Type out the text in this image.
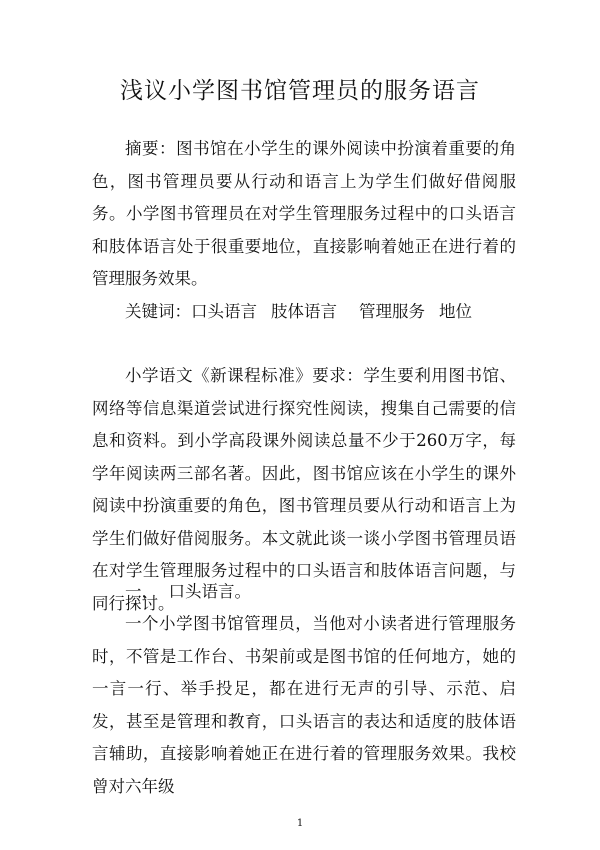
浅议小学图书馆管理员的服务语言

摘要：图书馆在小学生的课外阅读中扮演着重要的角色，图书管理员要从行动和语言上为学生们做好借阅服务。小学图书管理员在对学生管理服务过程中的口头语言和肢体语言处于很重要地位，直接影响着她正在进行着的管理服务效果。

关键词：口头语言 肢体语言 管理服务 地位

小学语文《新课程标准》要求：学生要利用图书馆、网络等信息渠道尝试进行探究性阅读，搜集自己需要的信息和资料。到小学高段课外阅读总量不少于260万字，每学年阅读两三部名著。因此，图书馆应该在小学生的课外阅读中扮演重要的角色，图书管理员要从行动和语言上为学生们做好借阅服务。本文就此谈一谈小学图书管理员语在对学生管理服务过程中的口头语言和肢体语言问题，与同行探讨。

一，  口头语言。

一个小学图书馆管理员，当他对小读者进行管理服务时，不管是工作台、书架前或是图书馆的任何地方，她的一言一行、举手投足，都在进行无声的引导、示范、启发，甚至是管理和教育，口头语言的表达和适度的肢体语言辅助，直接影响着她正在进行着的管理服务效果。我校曾对六年级

1
